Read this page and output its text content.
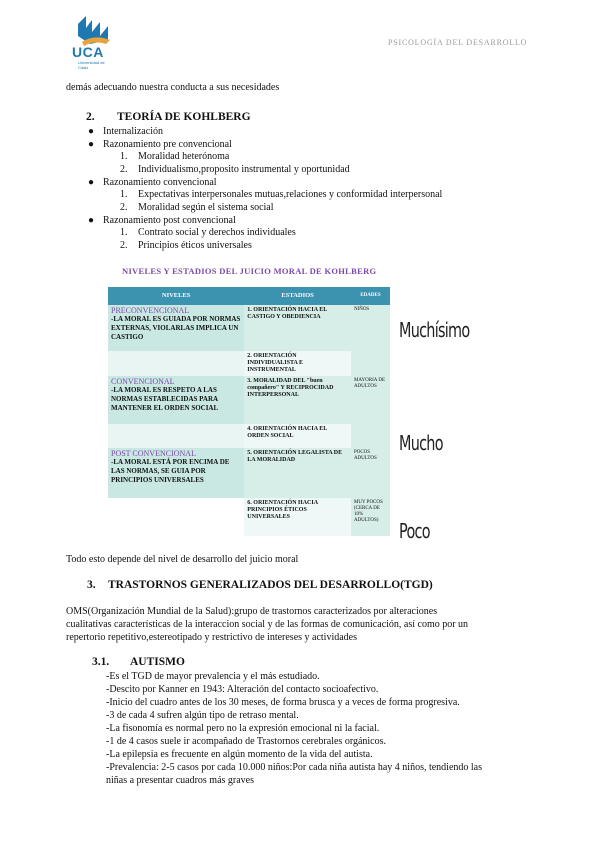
UCA
Universidad de Cádiz
PSICOLOGÍA DEL DESARROLLO
demás adecuando nuestra conducta a sus necesidades
2. TEORÍA DE KOHLBERG
● Internalización
● Razonamiento pre convencional
1. Moralidad heterónoma
2. Individualismo,proposito instrumental y oportunidad
● Razonamiento convencional
1. Expectativas interpersonales mutuas,relaciones y conformidad interpersonal
2. Moralidad según el sistema social
● Razonamiento post convencional
1. Contrato social y derechos individuales
2. Principios éticos universales
NIVELES Y ESTADIOS DEL JUICIO MORAL DE KOHLBERG
NIVELES	ESTADIOS	EDADES

PRECONVENCIONAL
-LA MORAL ES GUIADA POR NORMAS EXTERNAS, VIOLARLAS IMPLICA UN CASTIGO	1. ORIENTACIÓN HACIA EL CASTIGO Y OBEDIENCIA	NIÑOS

	2. ORIENTACIÓN INDIVIDUALISTA E INSTRUMENTAL	

CONVENCIONAL
-LA MORAL ES RESPETO A LAS NORMAS ESTABLECIDAS PARA MANTENER EL ORDEN SOCIAL	3. MORALIDAD DEL "buen compañero" Y RECIPROCIDAD INTERPERSONAL	MAYORIA DE ADULTOS

	4. ORIENTACIÓN HACIA EL ORDEN SOCIAL	

POST CONVENCIONAL
-LA MORAL ESTÁ POR ENCIMA DE LAS NORMAS, SE GUIA POR PRINCIPIOS UNIVERSALES	5. ORIENTACIÓN LEGALISTA DE LA MORALIDAD	POCOS ADULTOS

	6. ORIENTACIÓN HACIA PRINCIPIOS ÉTICOS UNIVERSALES	MUY POCOS (CERCA DE 10% ADULTOS)
Muchísimo
Mucho
Poco
Todo esto depende del nivel de desarrollo del juicio moral
3. TRASTORNOS GENERALIZADOS DEL DESARROLLO(TGD)
OMS(Organización Mundial de la Salud):grupo de trastornos caracterizados por alteraciones
cualitativas características de la interaccion social y de las formas de comunicación, así como por un
repertorio repetitivo,estereotipado y restrictivo de intereses y actividades
3.1. AUTISMO
-Es el TGD de mayor prevalencia y el más estudiado.
-Descito por Kanner en 1943: Alteración del contacto socioafectivo.
-Inicio del cuadro antes de los 30 meses, de forma brusca y a veces de forma progresiva.
-3 de cada 4 sufren algún tipo de retraso mental.
-La fisonomía es normal pero no la expresión emocional ni la facial.
-1 de 4 casos suele ir acompañado de Trastornos cerebrales orgánicos.
-La epilepsia es frecuente en algún momento de la vida del autista.
-Prevalencia: 2-5 casos por cada 10.000 niños:Por cada niña autista hay 4 niños, tendiendo las
niñas a presentar cuadros más graves
